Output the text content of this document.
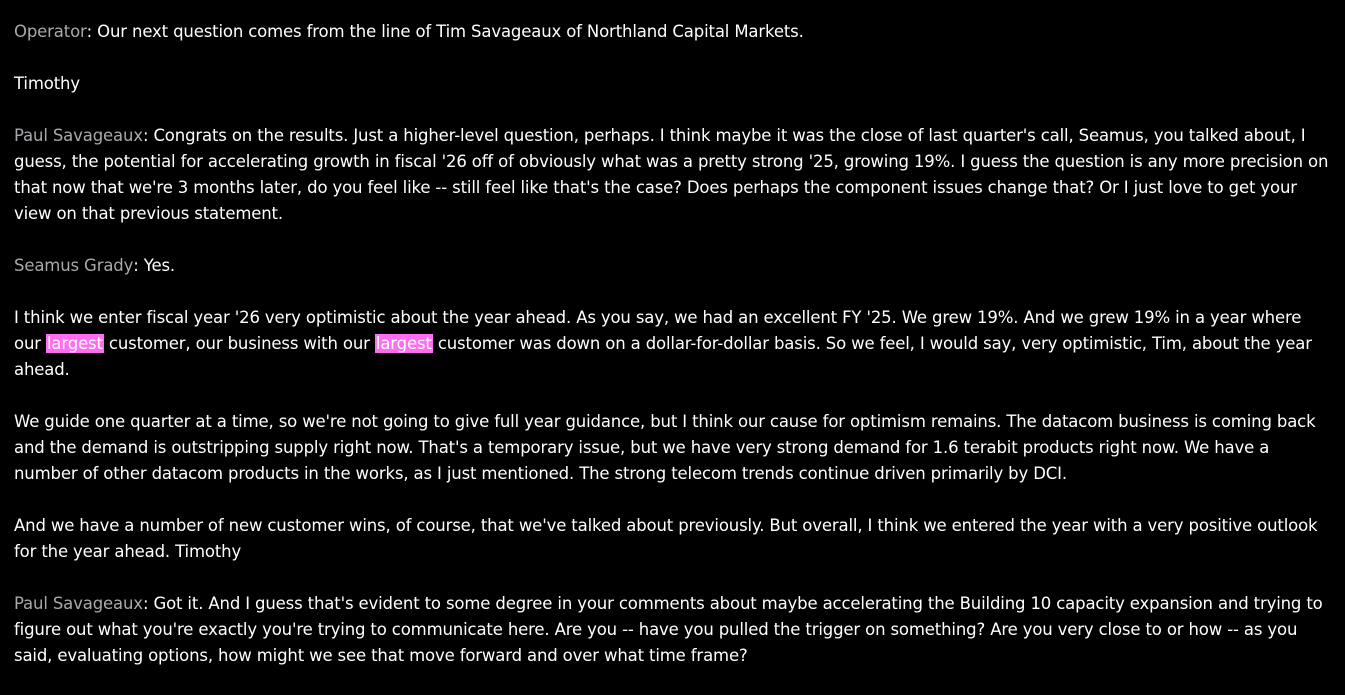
Operator: Our next question comes from the line of Tim Savageaux of Northland Capital Markets.

Timothy

Paul Savageaux: Congrats on the results. Just a higher-level question, perhaps. I think maybe it was the close of last quarter's call, Seamus, you talked about, I guess, the potential for accelerating growth in fiscal '26 off of obviously what was a pretty strong '25, growing 19%. I guess the question is any more precision on that now that we're 3 months later, do you feel like -- still feel like that's the case? Does perhaps the component issues change that? Or I just love to get your view on that previous statement.

Seamus Grady: Yes.

I think we enter fiscal year '26 very optimistic about the year ahead. As you say, we had an excellent FY '25. We grew 19%. And we grew 19% in a year where our largest customer, our business with our largest customer was down on a dollar-for-dollar basis. So we feel, I would say, very optimistic, Tim, about the year ahead.

We guide one quarter at a time, so we're not going to give full year guidance, but I think our cause for optimism remains. The datacom business is coming back and the demand is outstripping supply right now. That's a temporary issue, but we have very strong demand for 1.6 terabit products right now. We have a number of other datacom products in the works, as I just mentioned. The strong telecom trends continue driven primarily by DCI.

And we have a number of new customer wins, of course, that we've talked about previously. But overall, I think we entered the year with a very positive outlook for the year ahead. Timothy

Paul Savageaux: Got it. And I guess that's evident to some degree in your comments about maybe accelerating the Building 10 capacity expansion and trying to figure out what you're exactly you're trying to communicate here. Are you -- have you pulled the trigger on something? Are you very close to or how -- as you said, evaluating options, how might we see that move forward and over what time frame?
